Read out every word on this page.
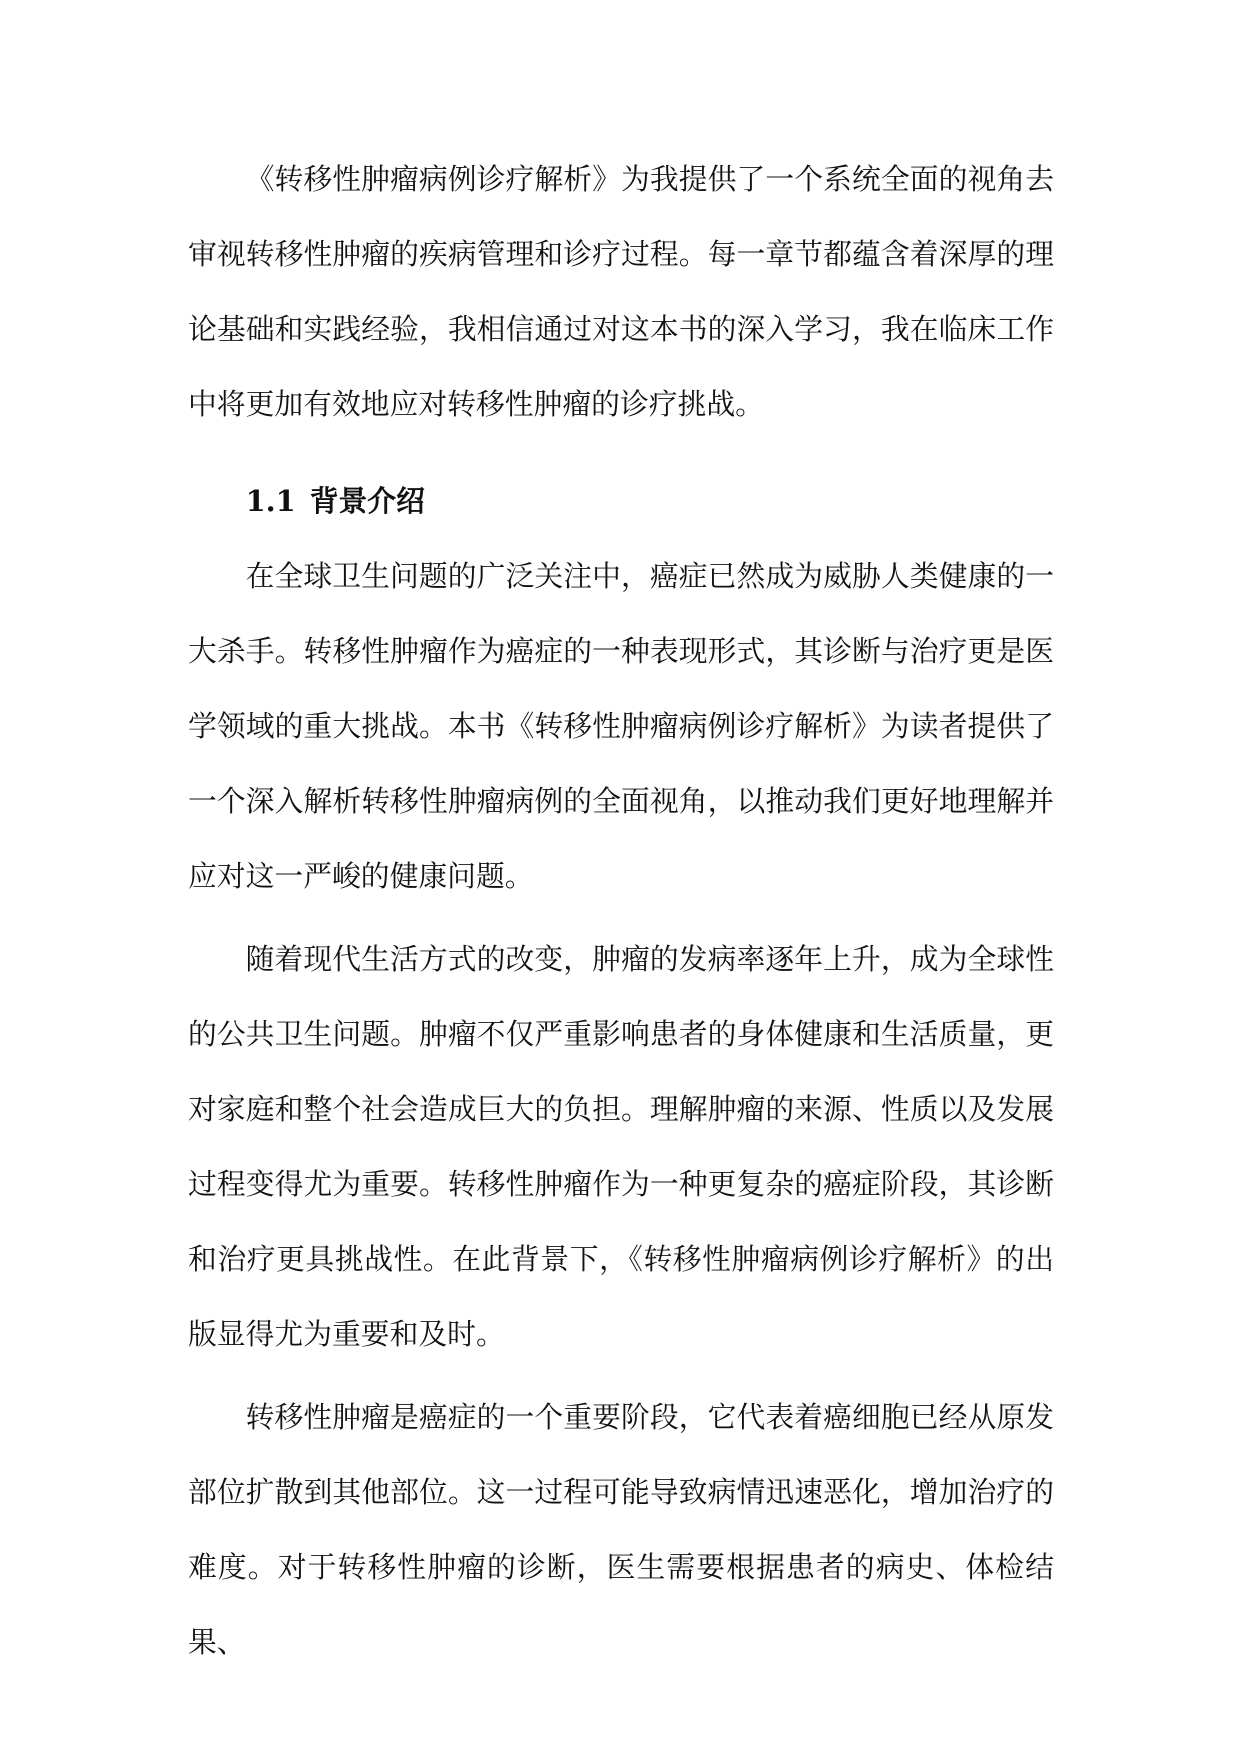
《转移性肿瘤病例诊疗解析》为我提供了一个系统全面的视角去审视转移性肿瘤的疾病管理和诊疗过程。每一章节都蕴含着深厚的理论基础和实践经验，我相信通过对这本书的深入学习，我在临床工作中将更加有效地应对转移性肿瘤的诊疗挑战。

1.1 背景介绍

在全球卫生问题的广泛关注中，癌症已然成为威胁人类健康的一大杀手。转移性肿瘤作为癌症的一种表现形式，其诊断与治疗更是医学领域的重大挑战。本书《转移性肿瘤病例诊疗解析》为读者提供了一个深入解析转移性肿瘤病例的全面视角，以推动我们更好地理解并应对这一严峻的健康问题。

随着现代生活方式的改变，肿瘤的发病率逐年上升，成为全球性的公共卫生问题。肿瘤不仅严重影响患者的身体健康和生活质量，更对家庭和整个社会造成巨大的负担。理解肿瘤的来源、性质以及发展过程变得尤为重要。转移性肿瘤作为一种更复杂的癌症阶段，其诊断和治疗更具挑战性。在此背景下，《转移性肿瘤病例诊疗解析》的出版显得尤为重要和及时。

转移性肿瘤是癌症的一个重要阶段，它代表着癌细胞已经从原发部位扩散到其他部位。这一过程可能导致病情迅速恶化，增加治疗的难度。对于转移性肿瘤的诊断，医生需要根据患者的病史、体检结果、
